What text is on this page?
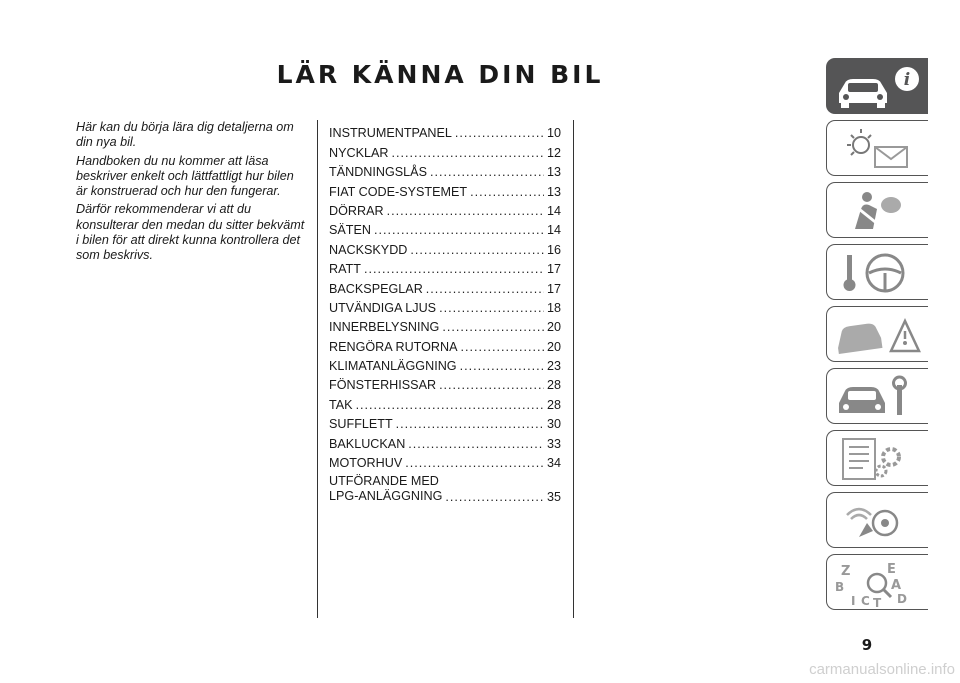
LÄR KÄNNA DIN BIL

Här kan du börja lära dig detaljerna om din nya bil.

Handboken du nu kommer att läsa beskriver enkelt och lättfattligt hur bilen är konstruerad och hur den fungerar.

Därför rekommenderar vi att du konsulterar den medan du sitter bekvämt i bilen för att direkt kunna kontrollera det som beskrivs.

INSTRUMENTPANEL .....	10
NYCKLAR .....	12
TÄNDNINGSLÅS .....	13
FIAT CODE-SYSTEMET .....	13
DÖRRAR .....	14
SÄTEN .....	14
NACKSKYDD .....	16
RATT .....	17
BACKSPEGLAR .....	17
UTVÄNDIGA LJUS .....	18
INNERBELYSNING .....	20
RENGÖRA RUTORNA .....	20
KLIMATANLÄGGNING .....	23
FÖNSTERHISSAR .....	28
TAK .....	28
SUFFLETT .....	30
BAKLUCKAN .....	33
MOTORHUV .....	34
UTFÖRANDE MED
LPG-ANLÄGGNING .....	35
i
Z	E
B	A
I C T D
9
carmanualsonline.info
